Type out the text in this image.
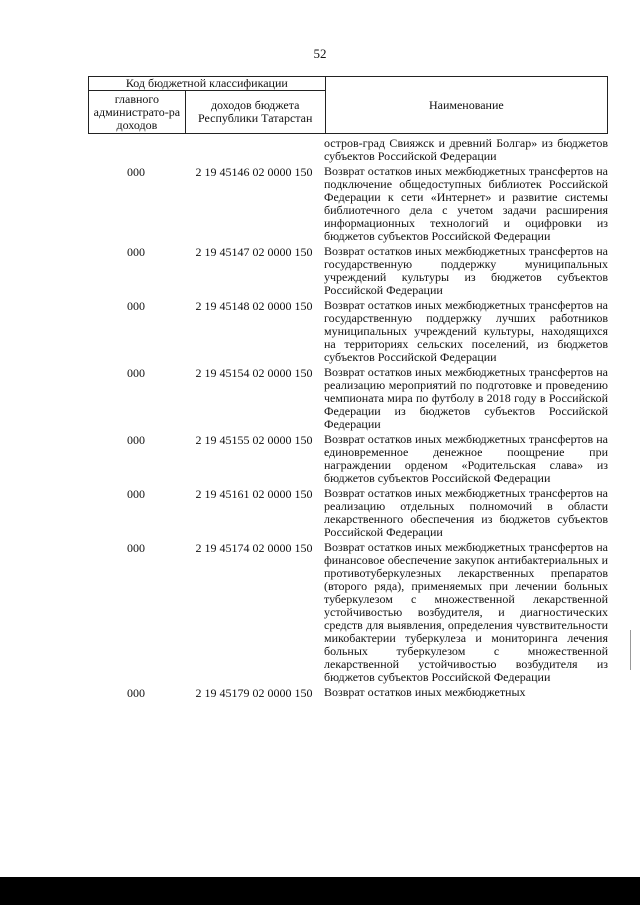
52
Код бюджетной классификации		Наименование
главного администрато-ра доходов	доходов бюджета Республики Татарстан	
остров-град Свияжск и древний Болгар» из бюджетов субъектов Российской Федерации
000	2 19 45146 02 0000 150 Возврат остатков иных межбюджетных трансфертов на подключение общедоступных библиотек Российской Федерации к сети «Интернет» и развитие системы библиотечного дела с учетом задачи расширения информационных технологий и оцифровки из бюджетов субъектов Российской Федерации
000	2 19 45147 02 0000 150 Возврат остатков иных межбюджетных трансфертов на государственную поддержку муниципальных учреждений культуры из бюджетов субъектов Российской Федерации
000	2 19 45148 02 0000 150 Возврат остатков иных межбюджетных трансфертов на государственную поддержку лучших работников муниципальных учреждений культуры, находящихся на территориях сельских поселений, из бюджетов субъектов Российской Федерации
000	2 19 45154 02 0000 150 Возврат остатков иных межбюджетных трансфертов на реализацию мероприятий по подготовке и проведению чемпионата мира по футболу в 2018 году в Российской Федерации из бюджетов субъектов Российской Федерации
000	2 19 45155 02 0000 150 Возврат остатков иных межбюджетных трансфертов на единовременное денежное поощрение при награждении орденом «Родительская слава» из бюджетов субъектов Российской Федерации
000	2 19 45161 02 0000 150 Возврат остатков иных межбюджетных трансфертов на реализацию отдельных полномочий в области лекарственного обеспечения из бюджетов субъектов Российской Федерации
000	2 19 45174 02 0000 150 Возврат остатков иных межбюджетных трансфертов на финансовое обеспечение закупок антибактериальных и противотуберкулезных лекарственных препаратов (второго ряда), применяемых при лечении больных туберкулезом с множественной лекарственной устойчивостью возбудителя, и диагностических средств для выявления, определения чувствительности микобактерии туберкулеза и мониторинга лечения больных туберкулезом с множественной лекарственной устойчивостью возбудителя из бюджетов субъектов Российской Федерации
000	2 19 45179 02 0000 150 Возврат остатков иных межбюджетных
